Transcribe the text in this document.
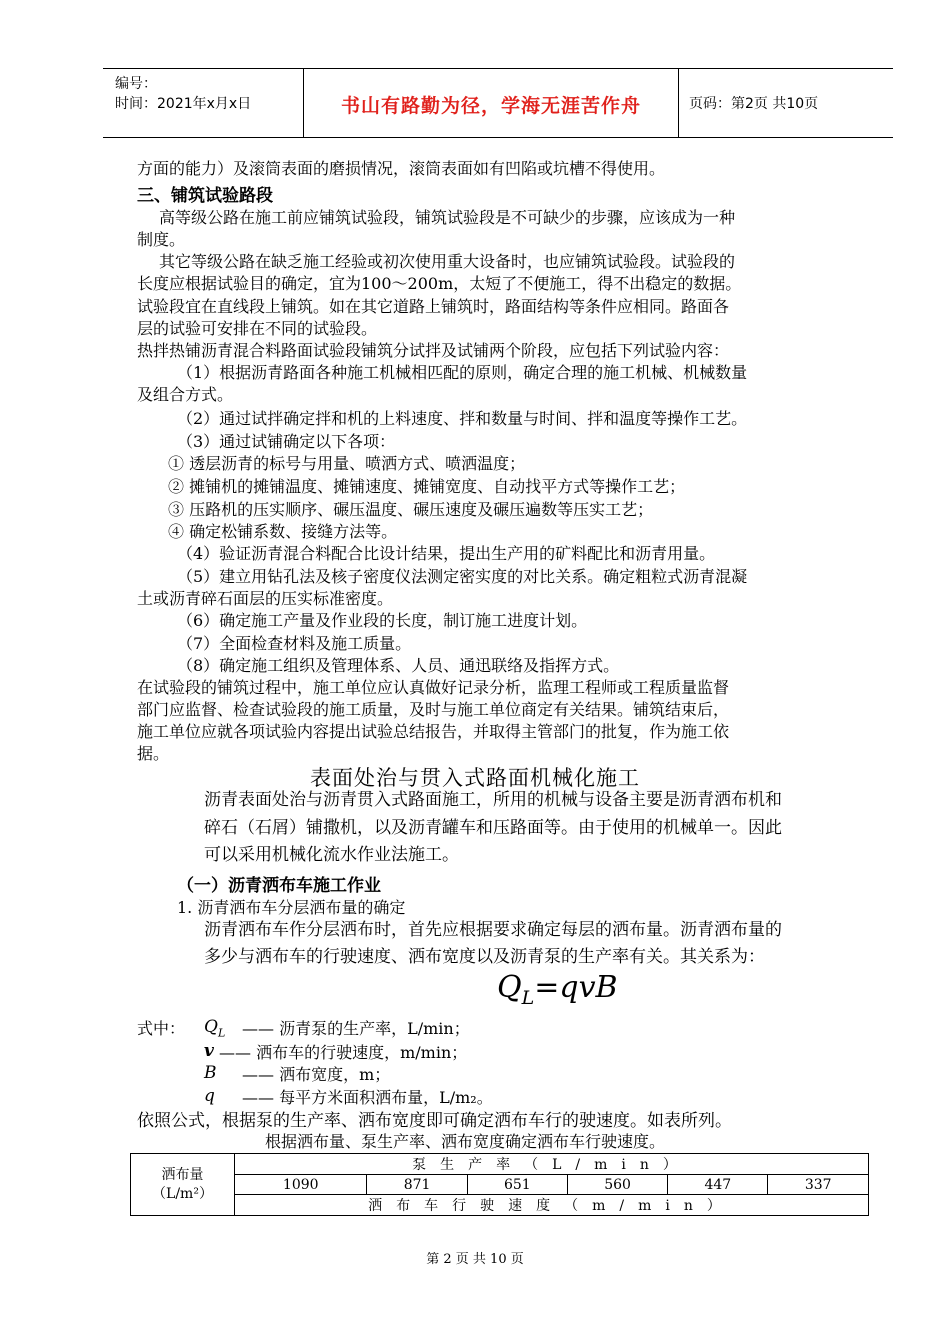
编号：
时间：2021年x月x日	书山有路勤为径，学海无涯苦作舟	页码：第2页 共10页
方面的能力）及滚筒表面的磨损情况，滚筒表面如有凹陷或坑槽不得使用。
三、铺筑试验路段
高等级公路在施工前应铺筑试验段，铺筑试验段是不可缺少的步骤，应该成为一种
制度。
其它等级公路在缺乏施工经验或初次使用重大设备时，也应铺筑试验段。试验段的
长度应根据试验目的确定，宜为100～200m，太短了不便施工，得不出稳定的数据。
试验段宜在直线段上铺筑。如在其它道路上铺筑时，路面结构等条件应相同。路面各
层的试验可安排在不同的试验段。
热拌热铺沥青混合料路面试验段铺筑分试拌及试铺两个阶段，应包括下列试验内容：
（1）根据沥青路面各种施工机械相匹配的原则，确定合理的施工机械、机械数量
及组合方式。
（2）通过试拌确定拌和机的上料速度、拌和数量与时间、拌和温度等操作工艺。
（3）通过试铺确定以下各项：
① 透层沥青的标号与用量、喷洒方式、喷洒温度；
② 摊铺机的摊铺温度、摊铺速度、摊铺宽度、自动找平方式等操作工艺；
③ 压路机的压实顺序、碾压温度、碾压速度及碾压遍数等压实工艺；
④ 确定松铺系数、接缝方法等。
（4）验证沥青混合料配合比设计结果，提出生产用的矿料配比和沥青用量。
（5）建立用钻孔法及核子密度仪法测定密实度的对比关系。确定粗粒式沥青混凝
土或沥青碎石面层的压实标准密度。
（6）确定施工产量及作业段的长度，制订施工进度计划。
（7）全面检查材料及施工质量。
（8）确定施工组织及管理体系、人员、通迅联络及指挥方式。
在试验段的铺筑过程中，施工单位应认真做好记录分析，监理工程师或工程质量监督
部门应监督、检查试验段的施工质量，及时与施工单位商定有关结果。铺筑结束后，
施工单位应就各项试验内容提出试验总结报告，并取得主管部门的批复，作为施工依
据。
表面处治与贯入式路面机械化施工
沥青表面处治与沥青贯入式路面施工，所用的机械与设备主要是沥青洒布机和
碎石（石屑）铺撒机，以及沥青罐车和压路面等。由于使用的机械单一。因此
可以采用机械化流水作业法施工。
（一）沥青洒布车施工作业
1. 沥青洒布车分层洒布量的确定
沥青洒布车作分层洒布时，首先应根据要求确定每层的洒布量。沥青洒布量的
多少与洒布车的行驶速度、洒布宽度以及沥青泵的生产率有关。其关系为：
$Q_L=qvB$
式中： $Q_L$ —— 沥青泵的生产率，L/min；
v —— 洒布车的行驶速度，m/min；
B —— 洒布宽度，m；
q —— 每平方米面积洒布量，L/m₂。
依照公式，根据泵的生产率、洒布宽度即可确定洒布车行的驶速度。如表所列。
根据洒布量、泵生产率、洒布宽度确定洒布车行驶速度。
洒布量
（L/m²）	泵生产率（L/min）					
	1090	871	651	560	447	337
	洒布车行驶速度（m/min）					
第 2 页 共 10 页
